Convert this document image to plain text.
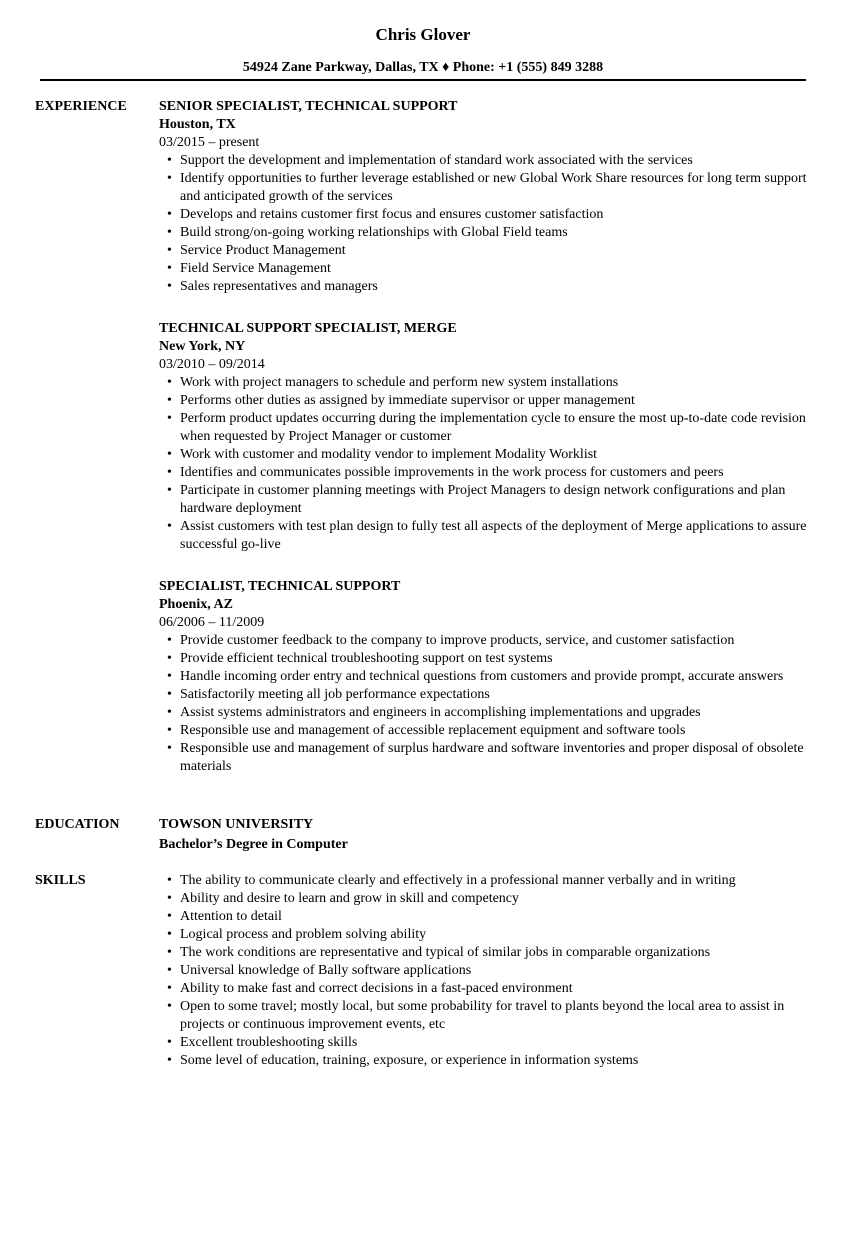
Chris Glover
54924 Zane Parkway, Dallas, TX ♦ Phone: +1 (555) 849 3288
EXPERIENCE SENIOR SPECIALIST, TECHNICAL SUPPORT
Houston, TX
03/2015 – present
• Support the development and implementation of standard work associated with the services
• Identify opportunities to further leverage established or new Global Work Share resources for long term support and anticipated growth of the services
• Develops and retains customer first focus and ensures customer satisfaction
• Build strong/on-going working relationships with Global Field teams
• Service Product Management
• Field Service Management
• Sales representatives and managers
TECHNICAL SUPPORT SPECIALIST, MERGE
New York, NY
03/2010 – 09/2014
• Work with project managers to schedule and perform new system installations
• Performs other duties as assigned by immediate supervisor or upper management
• Perform product updates occurring during the implementation cycle to ensure the most up-to-date code revision when requested by Project Manager or customer
• Work with customer and modality vendor to implement Modality Worklist
• Identifies and communicates possible improvements in the work process for customers and peers
• Participate in customer planning meetings with Project Managers to design network configurations and plan hardware deployment
• Assist customers with test plan design to fully test all aspects of the deployment of Merge applications to assure successful go-live
SPECIALIST, TECHNICAL SUPPORT
Phoenix, AZ
06/2006 – 11/2009
• Provide customer feedback to the company to improve products, service, and customer satisfaction
• Provide efficient technical troubleshooting support on test systems
• Handle incoming order entry and technical questions from customers and provide prompt, accurate answers
• Satisfactorily meeting all job performance expectations
• Assist systems administrators and engineers in accomplishing implementations and upgrades
• Responsible use and management of accessible replacement equipment and software tools
• Responsible use and management of surplus hardware and software inventories and proper disposal of obsolete materials
EDUCATION	TOWSON UNIVERSITY
Bachelor’s Degree in Computer
SKILLS	• The ability to communicate clearly and effectively in a professional manner verbally and in writing
• Ability and desire to learn and grow in skill and competency
• Attention to detail
• Logical process and problem solving ability
• The work conditions are representative and typical of similar jobs in comparable organizations
• Universal knowledge of Bally software applications
• Ability to make fast and correct decisions in a fast-paced environment
• Open to some travel; mostly local, but some probability for travel to plants beyond the local area to assist in projects or continuous improvement events, etc
• Excellent troubleshooting skills
• Some level of education, training, exposure, or experience in information systems
